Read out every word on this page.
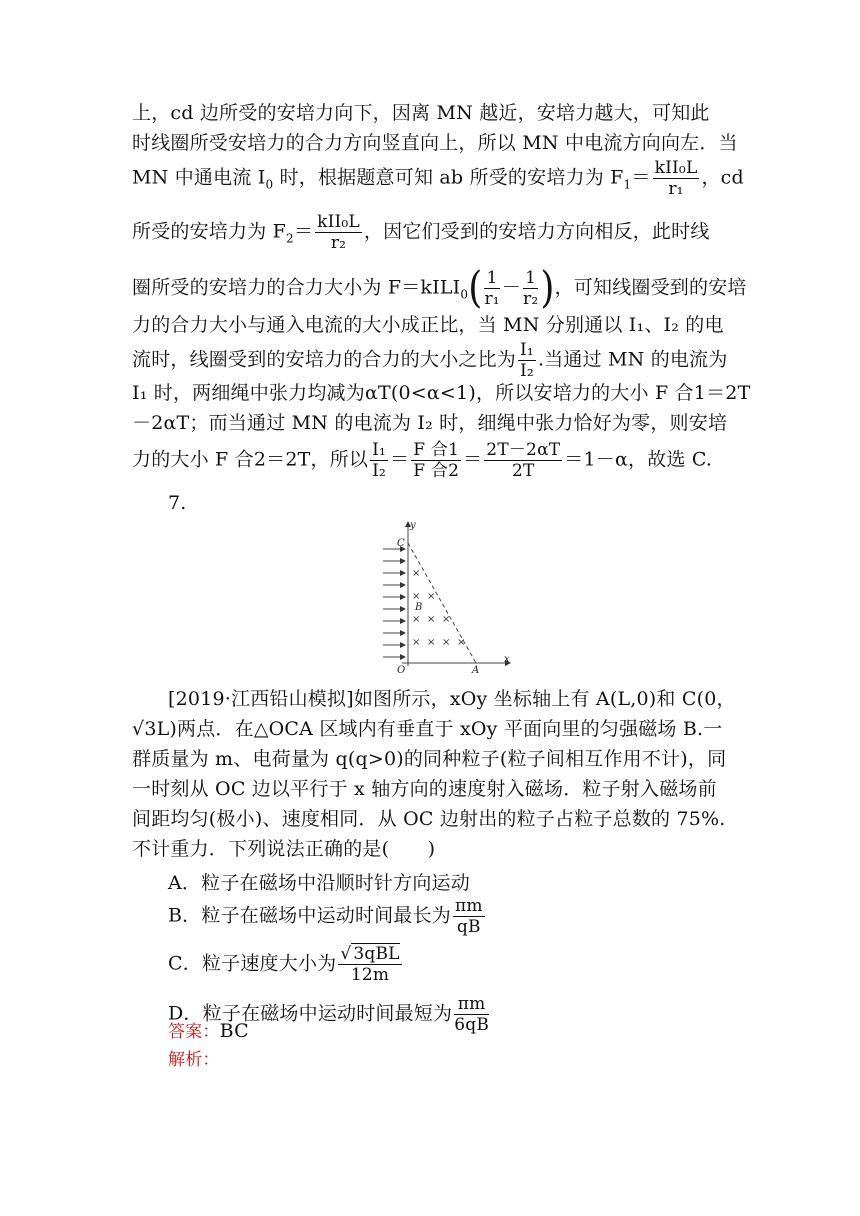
上，cd 边所受的安培力向下，因离 MN 越近，安培力越大，可知此
时线圈所受安培力的合力方向竖直向上，所以 MN 中电流方向向左．当
MN 中通电流 $I_0$ 时，根据题意可知 ab 所受的安培力为 $F_1= \frac{\text{kII₀L}}{\text{r₁}}$ ，cd
所受的安培力为 $F_2= \frac{\text{kII₀L}}{\text{r₂}}$ ，因它们受到的安培力方向相反，此时线
圈所受的安培力的合力大小为 F＝kILI$_0$( $\frac{1}{\text{r₁}} - \frac{1}{\text{r₂}}$ )，可知线圈受到的安培
力的合力大小与通入电流的大小成正比，当 MN 分别通以 I₁、I₂ 的电
流时，线圈受到的安培力的合力的大小之比为 $\frac{\text{I₁}}{\text{I₂}}$ .当通过 MN 的电流为
I₁ 时，两细绳中张力均减为αT(0<α<1)，所以安培力的大小 F 合1＝2T
－2αT；而当通过 MN 的电流为 I₂ 时，细绳中张力恰好为零，则安培
力的大小 F 合2＝2T，所以 $\frac{\text{I₁}}{\text{I₂}} = \frac{\text{F 合1}}{\text{F 合2}} = \frac{2T-2\alpha T}{2T} =1-\alpha$，故选 C.
7.
×
× ×
× × ×
× × × ×
y
x
O
C
A
B
[2019·江西铅山模拟]如图所示，xOy 坐标轴上有 A(L,0)和 C(0，
√3L)两点．在△OCA 区域内有垂直于 xOy 平面向里的匀强磁场 B.一
群质量为 m、电荷量为 q(q>0)的同种粒子(粒子间相互作用不计)，同
一时刻从 OC 边以平行于 x 轴方向的速度射入磁场．粒子射入磁场前
间距均匀(极小)、速度相同．从 OC 边射出的粒子占粒子总数的 75%.
不计重力．下列说法正确的是(　　)
A．粒子在磁场中沿顺时针方向运动
B．粒子在磁场中运动时间最长为 $\frac{\pi m}{qB}$
C．粒子速度大小为 $\frac{\text{√ 3qBL}}{12m}$
D．粒子在磁场中运动时间最短为 $\frac{\pi m}{6qB}$
答案：BC
解析：
